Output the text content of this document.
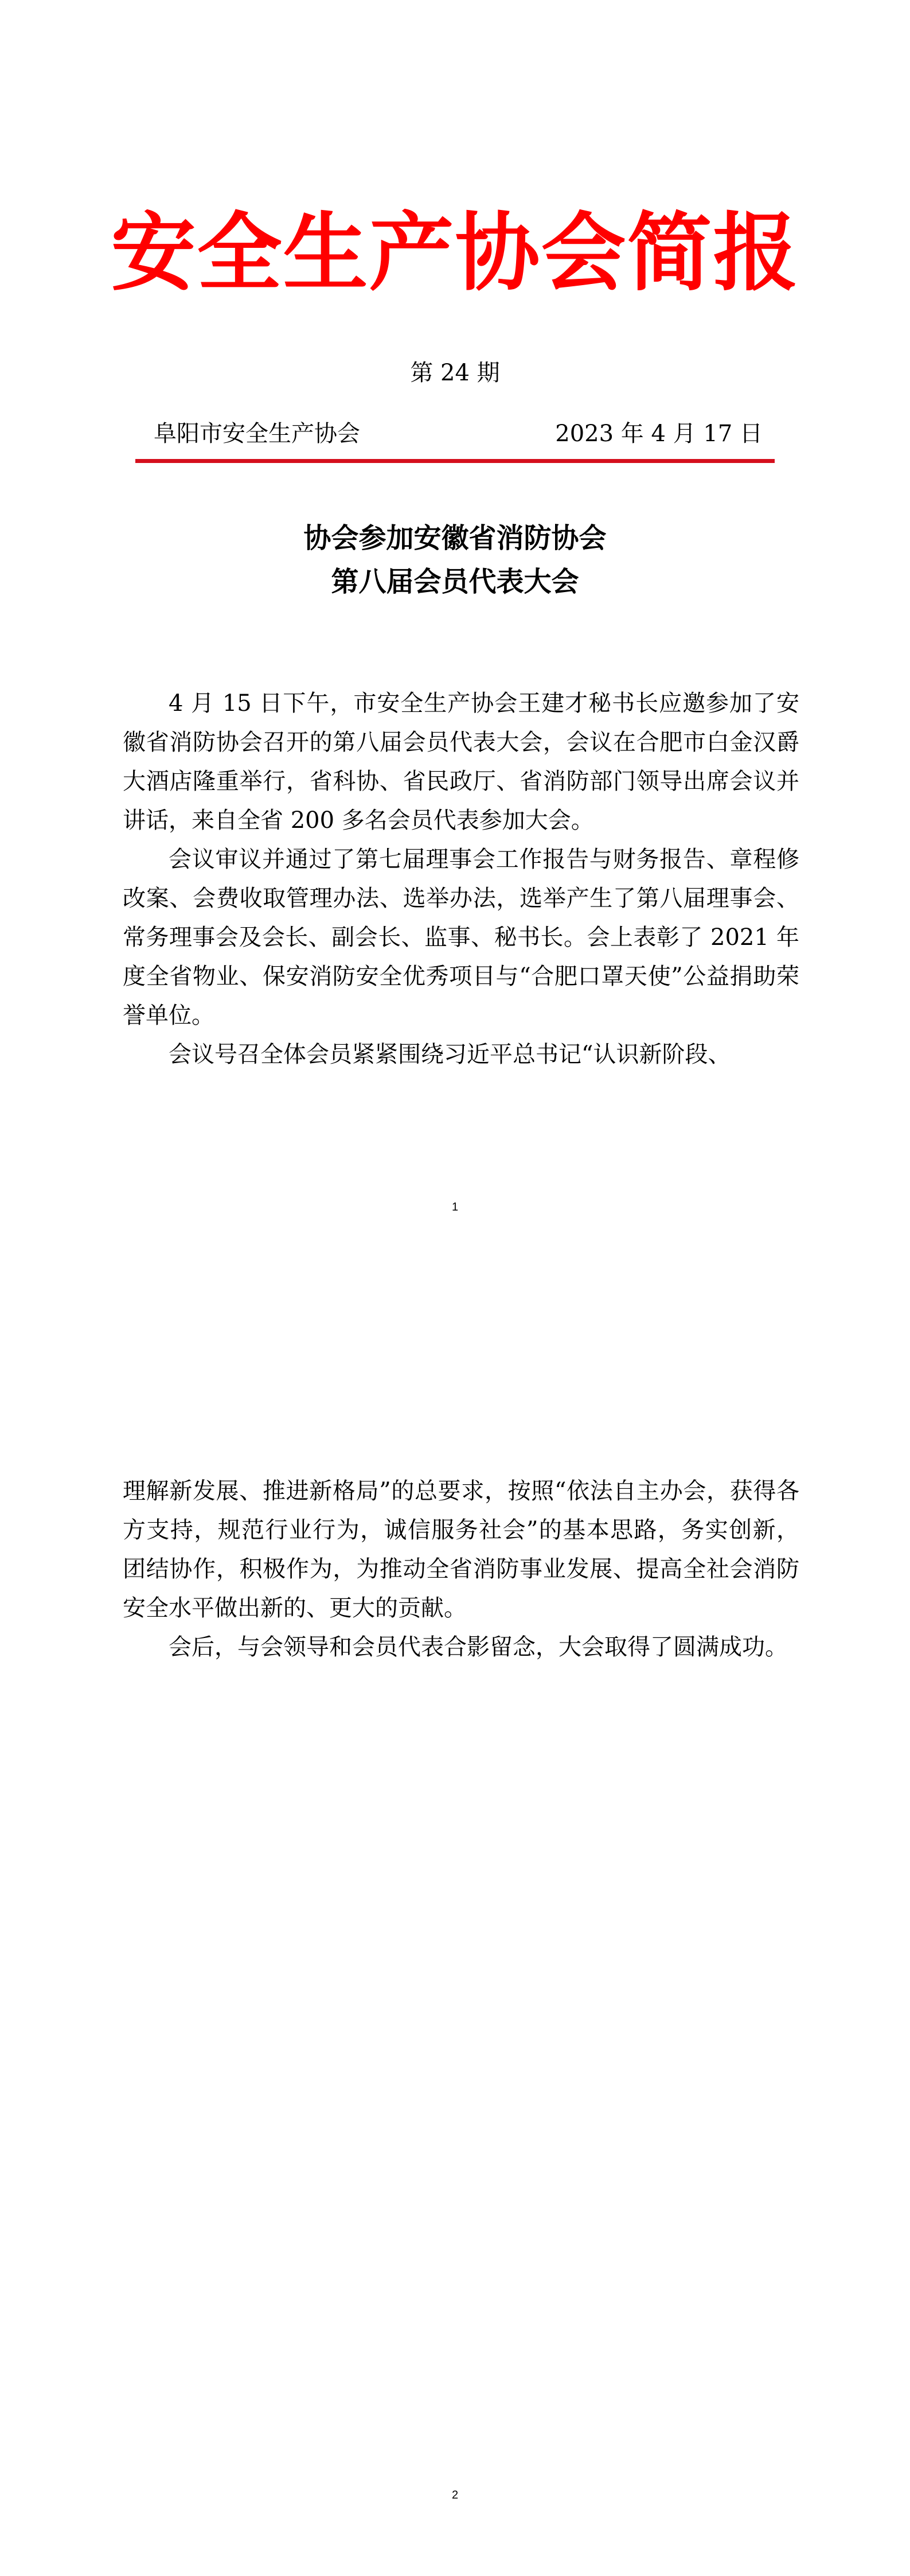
安全生产协会简报
第 24 期
阜阳市安全生产协会	2023 年 4 月 17 日
协会参加安徽省消防协会
第八届会员代表大会

4 月 15 日下午，市安全生产协会王建才秘书长应邀参加了安徽省消防协会召开的第八届会员代表大会，会议在合肥市白金汉爵大酒店隆重举行，省科协、省民政厅、省消防部门领导出席会议并讲话，来自全省 200 多名会员代表参加大会。

会议审议并通过了第七届理事会工作报告与财务报告、章程修改案、会费收取管理办法、选举办法，选举产生了第八届理事会、常务理事会及会长、副会长、监事、秘书长。会上表彰了 2021 年度全省物业、保安消防安全优秀项目与“合肥口罩天使”公益捐助荣誉单位。

会议号召全体会员紧紧围绕习近平总书记“认识新阶段、

1

理解新发展、推进新格局”的总要求，按照“依法自主办会，获得各方支持，规范行业行为，诚信服务社会”的基本思路，务实创新，团结协作，积极作为，为推动全省消防事业发展、提高全社会消防安全水平做出新的、更大的贡献。

会后，与会领导和会员代表合影留念，大会取得了圆满成功。

2
